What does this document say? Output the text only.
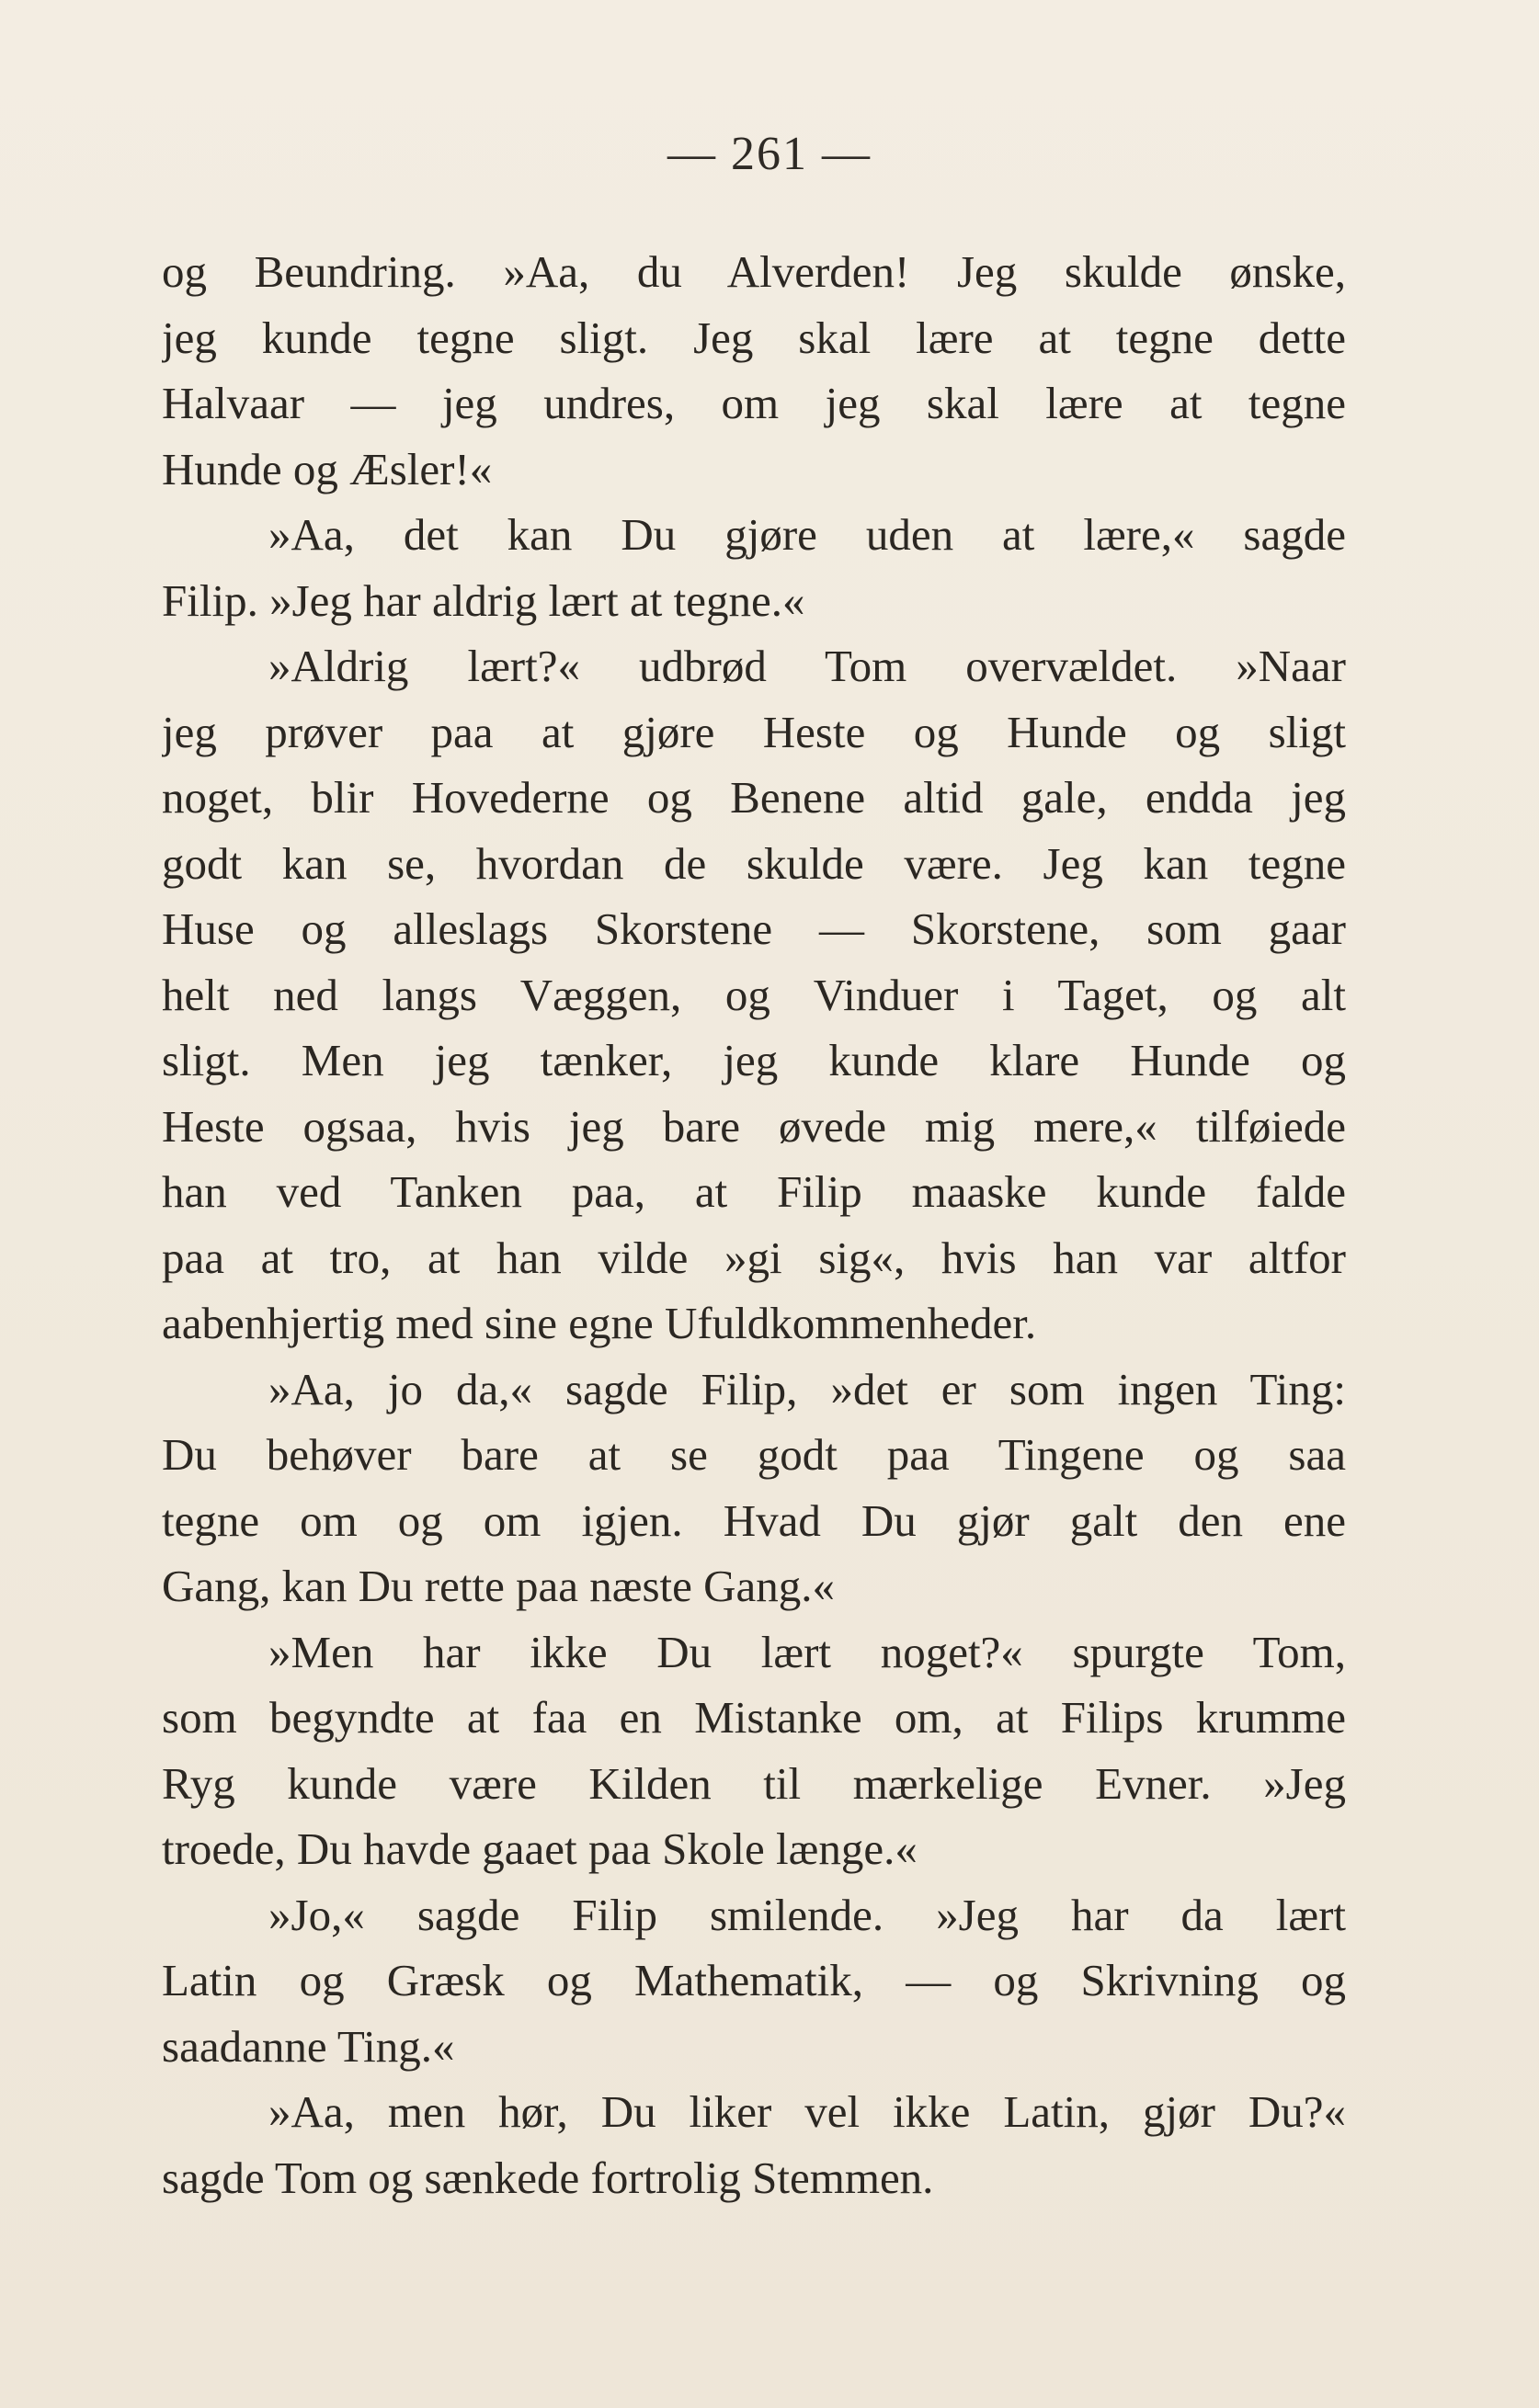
— 261 —
og Beundring. »Aa, du Alverden! Jeg skulde ønske,
jeg kunde tegne sligt. Jeg skal lære at tegne dette
Halvaar — jeg undres, om jeg skal lære at tegne
Hunde og Æsler!«
»Aa, det kan Du gjøre uden at lære,« sagde
Filip. »Jeg har aldrig lært at tegne.«
»Aldrig lært?« udbrød Tom overvældet. »Naar
jeg prøver paa at gjøre Heste og Hunde og sligt
noget, blir Hovederne og Benene altid gale, endda jeg
godt kan se, hvordan de skulde være. Jeg kan tegne
Huse og alleslags Skorstene — Skorstene, som gaar
helt ned langs Væggen, og Vinduer i Taget, og alt
sligt. Men jeg tænker, jeg kunde klare Hunde og
Heste ogsaa, hvis jeg bare øvede mig mere,« tilføiede
han ved Tanken paa, at Filip maaske kunde falde
paa at tro, at han vilde »gi sig«, hvis han var altfor
aabenhjertig med sine egne Ufuldkommenheder.
»Aa, jo da,« sagde Filip, »det er som ingen Ting:
Du behøver bare at se godt paa Tingene og saa
tegne om og om igjen. Hvad Du gjør galt den ene
Gang, kan Du rette paa næste Gang.«
»Men har ikke Du lært noget?« spurgte Tom,
som begyndte at faa en Mistanke om, at Filips krumme
Ryg kunde være Kilden til mærkelige Evner. »Jeg
troede, Du havde gaaet paa Skole længe.«
»Jo,« sagde Filip smilende. »Jeg har da lært
Latin og Græsk og Mathematik, — og Skrivning og
saadanne Ting.«
»Aa, men hør, Du liker vel ikke Latin, gjør Du?«
sagde Tom og sænkede fortrolig Stemmen.
